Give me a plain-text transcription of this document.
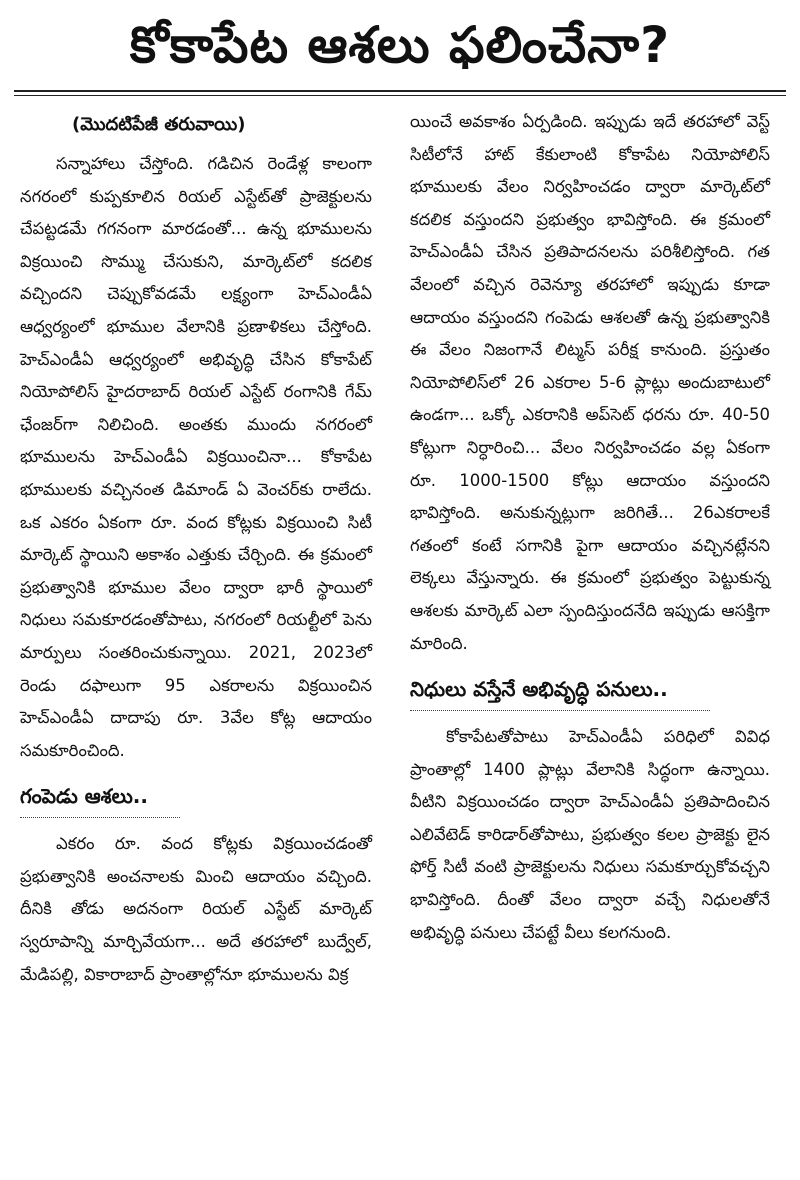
కోకాపేట ఆశలు ఫలించేనా?
(మొదటిపేజీ తరువాయి)

సన్నాహాలు చేస్తోంది. గడిచిన రెండేళ్ల కాలంగా నగరంలో కుప్పకూలిన రియల్ ఎస్టేట్‌తో ప్రాజెక్టులను చేపట్టడమే గగనంగా మారడంతో... ఉన్న భూములను విక్రయించి సొమ్ము చేసుకుని, మార్కెట్‌లో కదలిక వచ్చిందని చెప్పుకోవడమే లక్ష్యంగా హెచ్‌ఎండీఏ ఆధ్వర్యంలో భూముల వేలానికి ప్రణాళికలు చేస్తోంది. హెచ్‌ఎండీఏ ఆధ్వర్యంలో అభివృద్ధి చేసిన కోకాపేట్ నియోపోలిస్ హైదరాబాద్ రియల్ ఎస్టేట్ రంగానికి గేమ్ ఛేంజర్‌గా నిలిచింది. అంతకు ముందు నగరంలో భూములను హెచ్‌ఎండీఏ విక్రయించినా... కోకాపేట భూములకు వచ్చినంత డిమాండ్ ఏ వెంచర్‌కు రాలేదు. ఒక ఎకరం ఏకంగా రూ. వంద కోట్లకు విక్రయించి సిటీ మార్కెట్ స్థాయిని అకాశం ఎత్తుకు చేర్చింది. ఈ క్రమంలో ప్రభుత్వానికి భూముల వేలం ద్వారా భారీ స్థాయిలో నిధులు సమకూరడంతోపాటు, నగరంలో రియల్టీలో పెను మార్పులు సంతరించుకున్నాయి. 2021, 2023లో రెండు దఫాలుగా 95 ఎకరాలను విక్రయించిన హెచ్‌ఎండీఏ దాదాపు రూ. 3వేల కోట్ల ఆదాయం సమకూరించింది.

గంపెడు ఆశలు..

ఎకరం రూ. వంద కోట్లకు విక్రయించడంతో ప్రభుత్వానికి అంచనాలకు మించి ఆదాయం వచ్చింది. దీనికి తోడు అదనంగా రియల్ ఎస్టేట్ మార్కెట్ స్వరూపాన్ని మార్చివేయగా... అదే తరహాలో బుద్వేల్, మేడిపల్లి, వికారాబాద్ ప్రాంతాల్లోనూ భూములను విక్ర

యించే అవకాశం ఏర్పడింది. ఇప్పుడు ఇదే తరహాలో వెస్ట్ సిటీలోనే హాట్ కేకులాంటి కోకాపేట నియోపోలిస్ భూములకు వేలం నిర్వహించడం ద్వారా మార్కెట్‌లో కదలిక వస్తుందని ప్రభుత్వం భావిస్తోంది. ఈ క్రమంలో హెచ్‌ఎండీఏ చేసిన ప్రతిపాదనలను పరిశీలిస్తోంది. గత వేలంలో వచ్చిన రెవెన్యూ తరహాలో ఇప్పుడు కూడా ఆదాయం వస్తుందని గంపెడు ఆశలతో ఉన్న ప్రభుత్వానికి ఈ వేలం నిజంగానే లిట్మస్ పరీక్ష కానుంది. ప్రస్తుతం నియోపోలిస్‌లో 26 ఎకరాల 5-6 ప్లాట్లు అందుబాటులో ఉండగా... ఒక్కో ఎకరానికి అప్‌సెట్ ధరను రూ. 40-50 కోట్లుగా నిర్ధారించి... వేలం నిర్వహించడం వల్ల ఏకంగా రూ. 1000-1500 కోట్లు ఆదాయం వస్తుందని భావిస్తోంది. అనుకున్నట్లుగా జరిగితే... 26ఎకరాలకే గతంలో కంటే సగానికి పైగా ఆదాయం వచ్చినట్లేనని లెక్కలు వేస్తున్నారు. ఈ క్రమంలో ప్రభుత్వం పెట్టుకున్న ఆశలకు మార్కెట్ ఎలా స్పందిస్తుందనేది ఇప్పుడు ఆసక్తిగా మారింది.

నిధులు వస్తేనే అభివృద్ధి పనులు..

కోకాపేటతోపాటు హెచ్‌ఎండీఏ పరిధిలో వివిధ ప్రాంతాల్లో 1400 ప్లాట్లు వేలానికి సిద్ధంగా ఉన్నాయి. వీటిని విక్రయించడం ద్వారా హెచ్‌ఎండీఏ ప్రతిపాదించిన ఎలివేటెడ్ కారిడార్‌తోపాటు, ప్రభుత్వం కలల ప్రాజెక్టు లైన ఫోర్త్ సిటీ వంటి ప్రాజెక్టులను నిధులు సమకూర్చుకోవచ్చని భావిస్తోంది. దీంతో వేలం ద్వారా వచ్చే నిధులతోనే అభివృద్ధి పనులు చేపట్టే వీలు కలగనుంది.
